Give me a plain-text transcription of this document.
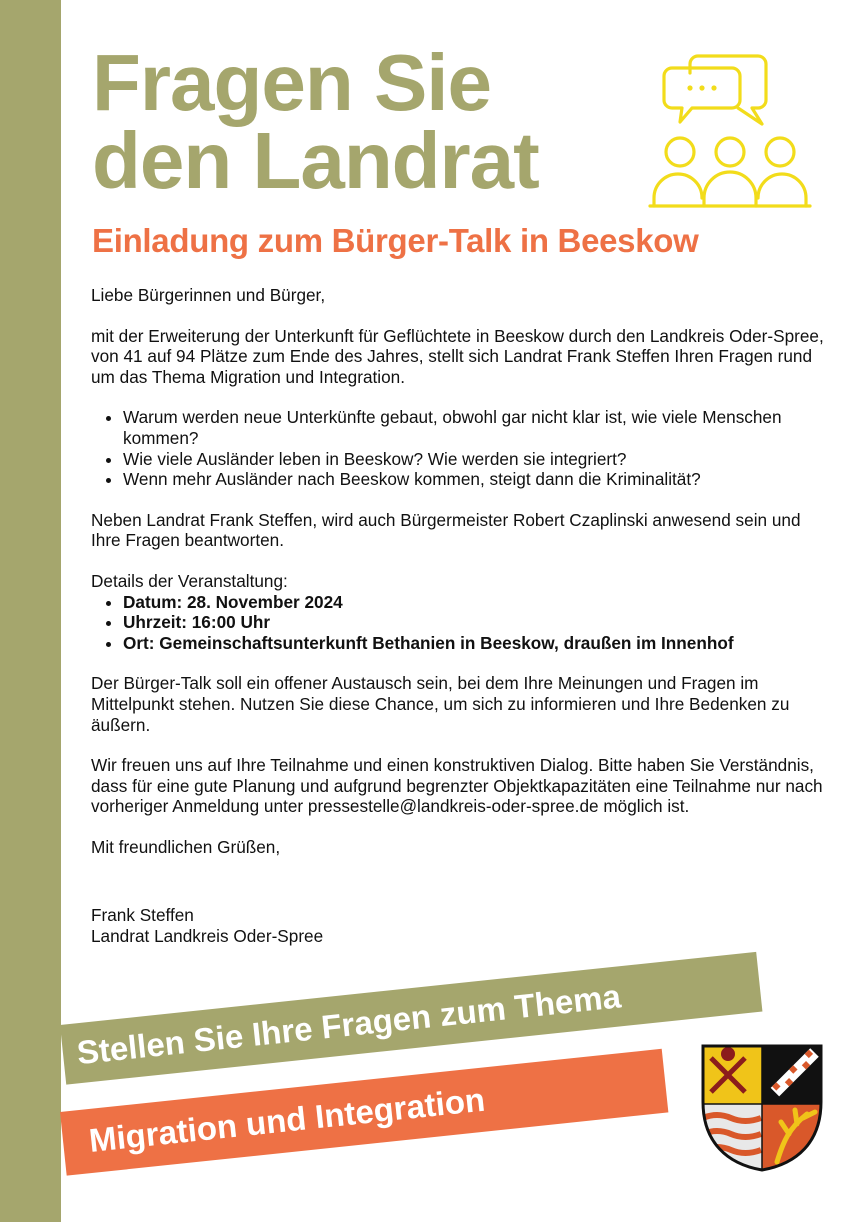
Fragen Sie
den Landrat
Einladung zum Bürger-Talk in Beeskow

Liebe Bürgerinnen und Bürger,

mit der Erweiterung der Unterkunft für Geflüchtete in Beeskow durch den Landkreis Oder-Spree, von 41 auf 94 Plätze zum Ende des Jahres, stellt sich Landrat Frank Steffen Ihren Fragen rund um das Thema Migration und Integration.

• Warum werden neue Unterkünfte gebaut, obwohl gar nicht klar ist, wie viele Menschen kommen?
• Wie viele Ausländer leben in Beeskow? Wie werden sie integriert?
• Wenn mehr Ausländer nach Beeskow kommen, steigt dann die Kriminalität?

Neben Landrat Frank Steffen, wird auch Bürgermeister Robert Czaplinski anwesend sein und Ihre Fragen beantworten.

Details der Veranstaltung:

• Datum: 28. November 2024
• Uhrzeit: 16:00 Uhr
• Ort: Gemeinschaftsunterkunft Bethanien in Beeskow, draußen im Innenhof

Der Bürger-Talk soll ein offener Austausch sein, bei dem Ihre Meinungen und Fragen im Mittelpunkt stehen. Nutzen Sie diese Chance, um sich zu informieren und Ihre Bedenken zu äußern.

Wir freuen uns auf Ihre Teilnahme und einen konstruktiven Dialog. Bitte haben Sie Verständnis, dass für eine gute Planung und aufgrund begrenzter Objektkapazitäten eine Teilnahme nur nach vorheriger Anmeldung unter pressestelle@landkreis-oder-spree.de möglich ist.

Mit freundlichen Grüßen,

Frank Steffen

Landrat Landkreis Oder-Spree

Stellen Sie Ihre Fragen zum Thema
Migration und Integration
